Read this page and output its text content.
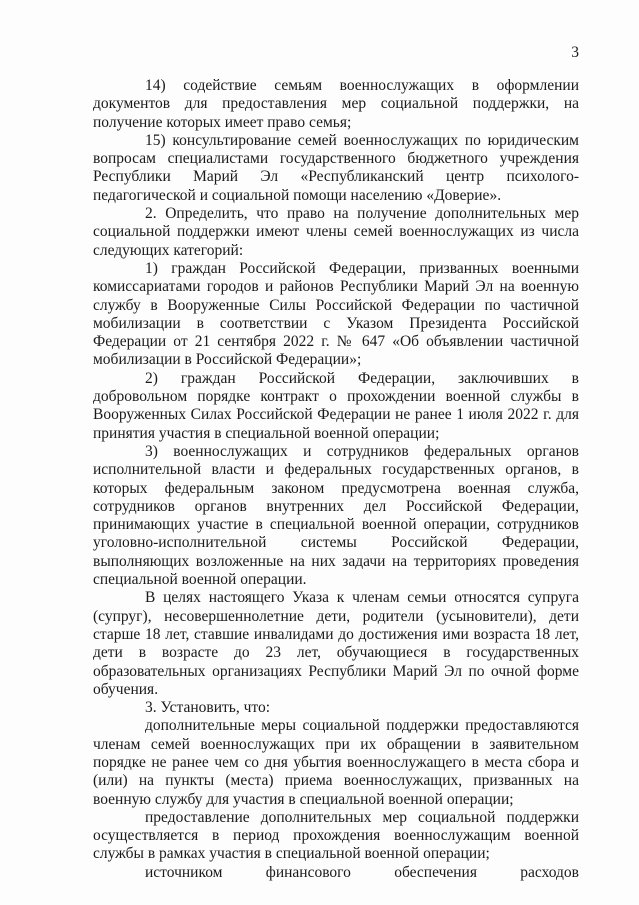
3

14) содействие семьям военнослужащих в оформлении документов для предоставления мер социальной поддержки, на получение которых имеет право семья;

15) консультирование семей военнослужащих по юридическим вопросам специалистами государственного бюджетного учреждения Республики Марий Эл «Республиканский центр психолого-педагогической и социальной помощи населению «Доверие».

2. Определить, что право на получение дополнительных мер социальной поддержки имеют члены семей военнослужащих из числа следующих категорий:

1) граждан Российской Федерации, призванных военными комиссариатами городов и районов Республики Марий Эл на военную службу в Вооруженные Силы Российской Федерации по частичной мобилизации в соответствии с Указом Президента Российской Федерации от 21 сентября 2022 г. № 647 «Об объявлении частичной мобилизации в Российской Федерации»;

2) граждан Российской Федерации, заключивших в добровольном порядке контракт о прохождении военной службы в Вооруженных Силах Российской Федерации не ранее 1 июля 2022 г. для принятия участия в специальной военной операции;

3) военнослужащих и сотрудников федеральных органов исполнительной власти и федеральных государственных органов, в которых федеральным законом предусмотрена военная служба, сотрудников органов внутренних дел Российской Федерации, принимающих участие в специальной военной операции, сотрудников уголовно-исполнительной системы Российской Федерации, выполняющих возложенные на них задачи на территориях проведения специальной военной операции.

В целях настоящего Указа к членам семьи относятся супруга (супруг), несовершеннолетние дети, родители (усыновители), дети старше 18 лет, ставшие инвалидами до достижения ими возраста 18 лет, дети в возрасте до 23 лет, обучающиеся в государственных образовательных организациях Республики Марий Эл по очной форме обучения.

3. Установить, что:

дополнительные меры социальной поддержки предоставляются членам семей военнослужащих при их обращении в заявительном порядке не ранее чем со дня убытия военнослужащего в места сбора и (или) на пункты (места) приема военнослужащих, призванных на военную службу для участия в специальной военной операции;

предоставление дополнительных мер социальной поддержки осуществляется в период прохождения военнослужащим военной службы в рамках участия в специальной военной операции;

источником финансового обеспечения расходов
